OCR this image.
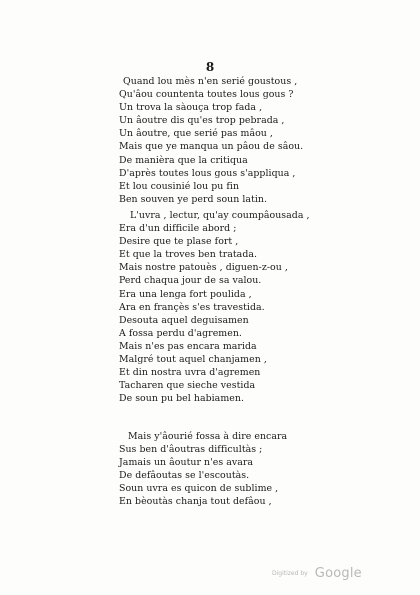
8
Quand lou mès n'en serié goustous ,
Qu'âou countenta toutes lous gous ?
Un trova la sàouça trop fada ,
Un âoutre dis qu'es trop pebrada ,
Un âoutre, que serié pas mâou ,
Mais que ye manqua un pâou de sâou.
De manièra que la critiqua
D'après toutes lous gous s'appliqua ,
Et lou cousinié lou pu fin
Ben souven ye perd soun latin.
L'uvra , lectur, qu'ay coumpâousada ,
Era d'un difficile abord ;
Desire que te plase fort ,
Et que la troves ben tratada.
Mais nostre patouès , diguen-z-ou ,
Perd chaqua jour de sa valou.
Era una lenga fort poulida ,
Ara en françès s'es travestida.
Desouta aquel deguisamen
A fossa perdu d'agremen.
Mais n'es pas encara marida
Malgré tout aquel chanjamen ,
Et din nostra uvra d'agremen
Tacharen que sieche vestida
De soun pu bel habiamen.
Mais y'âourié fossa à dire encara
Sus ben d'âoutras difficultàs ;
Jamais un âoutur n'es avara
De defâoutas se l'escoutàs.
Soun uvra es quicon de sublime ,
En bèoutàs chanja tout defâou ,
Digitized by Google
